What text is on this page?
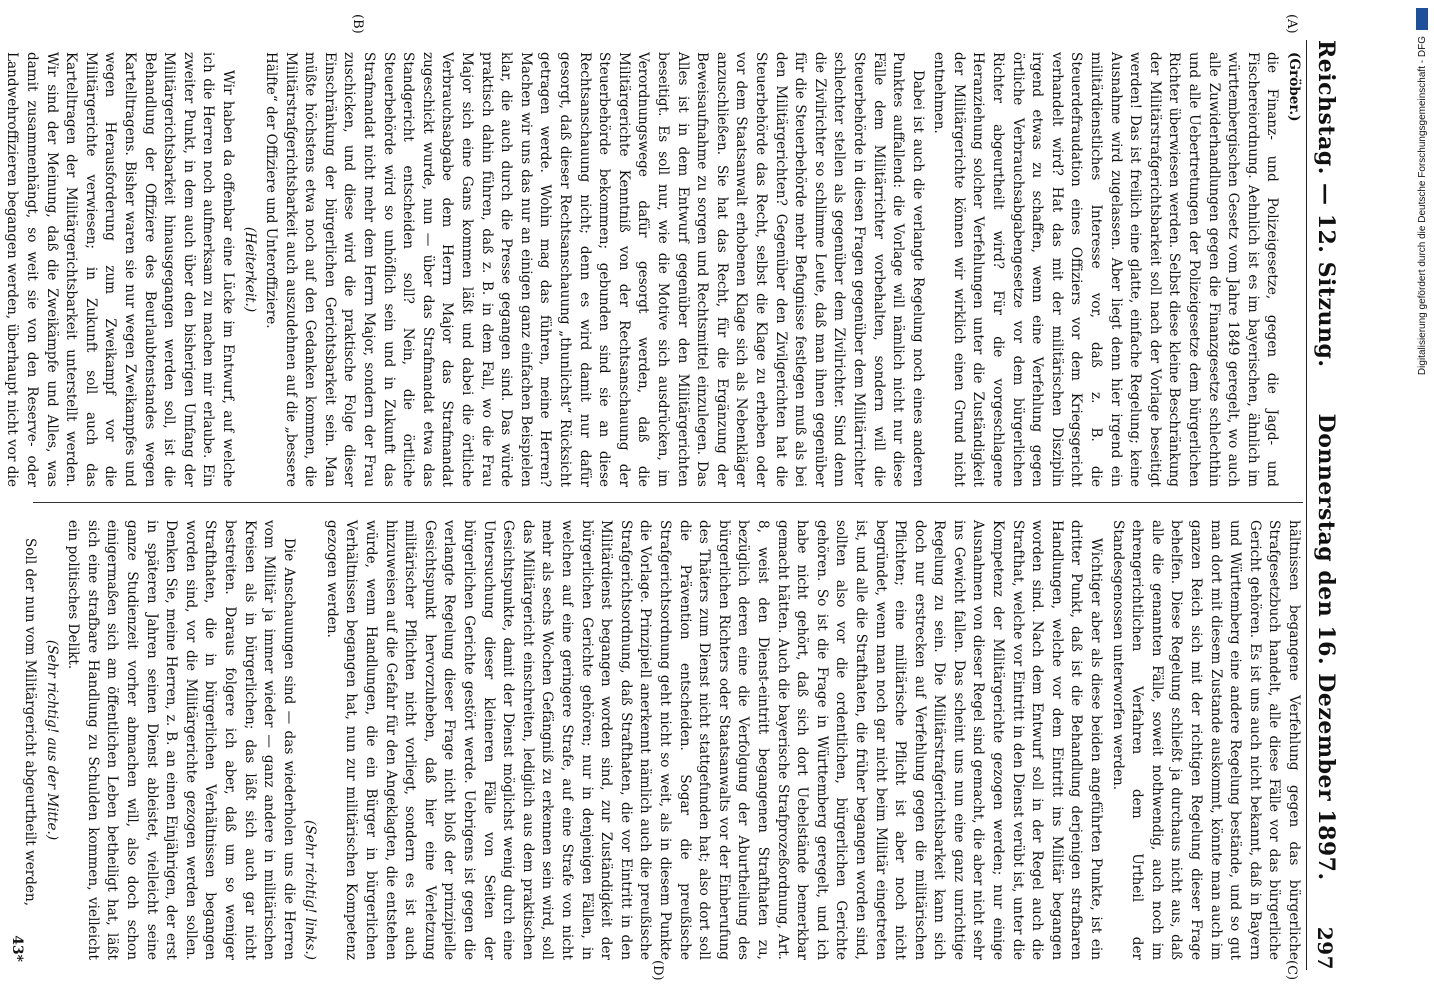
Reichstag. — 12. Sitzung.
Donnerstag den 16. Dezember 1897.
297
(A)
(B)
(C)
(D)

(Gröber.)

die Finanz- und Polizeigesetze, gegen die Jagd- und Fischereiordnung. Aehnlich ist es im bayerischen, ähnlich im württembergischen Gesetz vom Jahre 1849 geregelt, wo auch alle Zuwiderhandlungen gegen die Finanzgesetze schlechthin und alle Uebertretungen der Polizeigesetze dem bürgerlichen Richter überwiesen werden. Selbst diese kleine Beschränkung der Militärstrafgerichtsbarkeit soll nach der Vorlage beseitigt werden! Das ist freilich eine glatte, einfache Regelung; keine Ausnahme wird zugelassen. Aber liegt denn hier irgend ein militärdienstliches Interesse vor, daß z. B. die Steuerdefraudation eines Offiziers vor dem Kriegsgericht verhandelt wird? Hat das mit der militärischen Disziplin irgend etwas zu schaffen, wenn eine Verfehlung gegen örtliche Verbrauchsabgabengesetze vor dem bürgerlichen Richter abgeurtheilt wird? Für die vorgeschlagene Heranziehung solcher Verfehlungen unter die Zuständigkeit der Militärgerichte können wir wirklich einen Grund nicht entnehmen.

Dabei ist auch die verlangte Regelung noch eines anderen Punktes auffallend: die Vorlage will nämlich nicht nur diese Fälle dem Militärrichter vorbehalten, sondern will die Steuerbehörde in diesen Fragen gegenüber dem Militärrichter schlechter stellen als gegenüber dem Zivilrichter. Sind denn die Zivilrichter so schlimme Leute, daß man ihnen gegenüber für die Steuerbehörde mehr Befugnisse festlegen muß als bei den Militärgerichten? Gegenüber den Zivilgerichten hat die Steuerbehörde das Recht, selbst die Klage zu erheben oder vor dem Staatsanwalt erhobenen Klage sich als Nebenkläger anzuschließen. Sie hat das Recht, für die Ergänzung der Beweisaufnahme zu sorgen und Rechtsmittel einzulegen. Das Alles ist in dem Entwurf gegenüber den Militärgerichten beseitigt. Es soll nur, wie die Motive sich ausdrücken, im Verordnungswege dafür gesorgt werden, daß die Militärgerichte Kenntniß von der Rechtsanschauung der Steuerbehörde bekommen; gebunden sind sie an diese Rechtsanschauung nicht; denn es wird damit nur dafür gesorgt, daß dieser Rechtsanschauung „thunlichst“ Rücksicht getragen werde. Wohin mag das führen, meine Herren? Machen wir uns das nur an einigen ganz einfachen Beispielen klar, die auch durch die Presse gegangen sind. Das würde praktisch dahin führen, daß z. B. in dem Fall, wo die Frau Major sich eine Gans kommen läßt und dabei die örtliche Verbrauchsabgabe dem Herrn Major das Strafmandat zugeschickt wurde, nun — über das Strafmandat etwa das Standgericht entscheiden soll? Nein, die örtliche Steuerbehörde wird so unhöflich sein und in Zukunft das Strafmandat nicht mehr dem Herrn Major, sondern der Frau zuschicken, und diese wird die praktische Folge dieser Einschränkung der bürgerlichen Gerichtsbarkeit sein. Man müßte höchstens etwa noch auf den Gedanken kommen, die Militärstrafgerichtsbarkeit auch auszudehnen auf die „bessere Hälfte“ der Offiziere und Unteroffiziere.

(Heiterkeit.)

Wir haben da offenbar eine Lücke im Entwurf, auf welche ich die Herren noch aufmerksam zu machen mir erlaube. Ein zweiter Punkt, in dem auch über den bisherigen Umfang der Militärgerichtsbarkeit hinausgegangen werden soll, ist die Behandlung der Offiziere des Beurlaubtenstandes wegen Kartelltragens. Bisher waren sie nur wegen Zweikampfes und wegen Herausforderung zum Zweikampf vor die Militärgerichte verwiesen; in Zukunft soll auch das Kartelltragen der Militärgerichtsbarkeit unterstellt werden. Wir sind der Meinung, daß die Zweikämpfe und Alles, was damit zusammenhängt, so weit sie von den Reserve- oder Landwehroffizieren begangen werden, überhaupt nicht vor die

hältnissen begangene Verfehlung gegen das bürgerliche Strafgesetzbuch handelt, alle diese Fälle vor das bürgerliche Gericht gehören. Es ist uns auch nicht bekannt, daß in Bayern und Württemberg eine andere Regelung bestände, und so gut man dort mit diesem Zustande auskommt, könnte man auch im ganzen Reich sich mit der richtigen Regelung dieser Frage behelfen. Diese Regelung schließt ja durchaus nicht aus, daß alle die genannten Fälle, soweit nothwendig, auch noch im ehrengerichtlichen Verfahren dem Urtheil der Standesgenossen unterworfen werden.

Wichtiger aber als diese beiden angeführten Punkte, ist ein dritter Punkt, daß ist die Behandlung derjenigen strafbaren Handlungen, welche vor dem Eintritt ins Militär begangen worden sind. Nach dem Entwurf soll in der Regel auch die Strafthat, welche vor Eintritt in den Dienst verübt ist, unter die Kompetenz der Militärgerichte gezogen werden; nur einige Ausnahmen von dieser Regel sind gemacht, die aber nicht sehr ins Gewicht fallen. Das scheint uns nun eine ganz unrichtige Regelung zu sein. Die Militärstrafgerichtsbarkeit kann sich doch nur erstrecken auf Verfehlung gegen die militärischen Pflichten; eine militärische Pflicht ist aber noch nicht begründet, wenn man noch gar nicht beim Militär eingetreten ist, und alle die Strafthaten, die früher begangen worden sind, sollten also vor die ordentlichen, bürgerlichen Gerichte gehören. So ist die Frage in Württemberg geregelt, und ich habe nicht gehört, daß sich dort Uebelstände bemerkbar gemacht hätten. Auch die bayerische Strafprozeßordnung, Art. 8, weist den Dienst-eintritt begangenen Strafthaten zu, bezüglich deren eine die Verfolgung der Aburtheilung des bürgerlichen Richters oder Staatsanwalts vor der Einberufung des Thäters zum Dienst nicht stattgefunden hat; also dort soll die Prävention entscheiden. Sogar die preußische Strafgerichtsordnung geht nicht so weit, als in diesem Punkte die Vorlage. Prinzipiell anerkennt nämlich auch die preußische Strafgerichtsordnung, daß Strafthaten, die vor Eintritt in den Militärdienst begangen worden sind, zur Zuständigkeit der bürgerlichen Gerichte gehören; nur in denjenigen Fällen, in welchen auf eine geringere Strafe, auf eine Strafe von nicht mehr als sechs Wochen Gefängniß zu erkennen sein wird, soll das Militärgericht einschreiten, lediglich aus dem praktischen Gesichtspunkte, damit der Dienst möglichst wenig durch eine Untersuchung dieser kleineren Fälle von Seiten der bürgerlichen Gerichte gestört werde. Uebrigens ist gegen die verlangte Regelung dieser Frage nicht bloß der prinzipielle Gesichtspunkt hervorzuheben, daß hier eine Verletzung militärischer Pflichten nicht vorliegt, sondern es ist auch hinzuweisen auf die Gefahr für den Angeklagten, die entstehen würde, wenn Handlungen, die ein Bürger in bürgerlichen Verhältnissen begangen hat, nun zur militärischen Kompetenz gezogen werden.

(Sehr richtig! links.)

Die Anschauungen sind — das wiederholen uns die Herren vom Militär ja immer wieder — ganz andere in militärischen Kreisen als in bürgerlichen; das läßt sich auch gar nicht bestreiten. Daraus folgere ich aber, daß um so weniger Strafthaten, die in bürgerlichen Verhältnissen begangen worden sind, vor die Militärgerichte gezogen werden sollen. Denken Sie, meine Herren, z. B. an einen Einjährigen, der erst in späteren Jahren seinen Dienst ableistet, vielleicht seine ganze Studienzeit vorher abmachen will, also doch schon einigermaßen sich am öffentlichen Leben betheiligt hat, läßt sich eine strafbare Handlung zu Schulden kommen, vielleicht ein politisches Delikt.

(Sehr richtig! aus der Mitte.)

Soll der nun vom Militärgericht abgeurtheilt werden,

43*
Digitalisierung gefördert durch die Deutsche Forschungsgemeinschaft - DFG
